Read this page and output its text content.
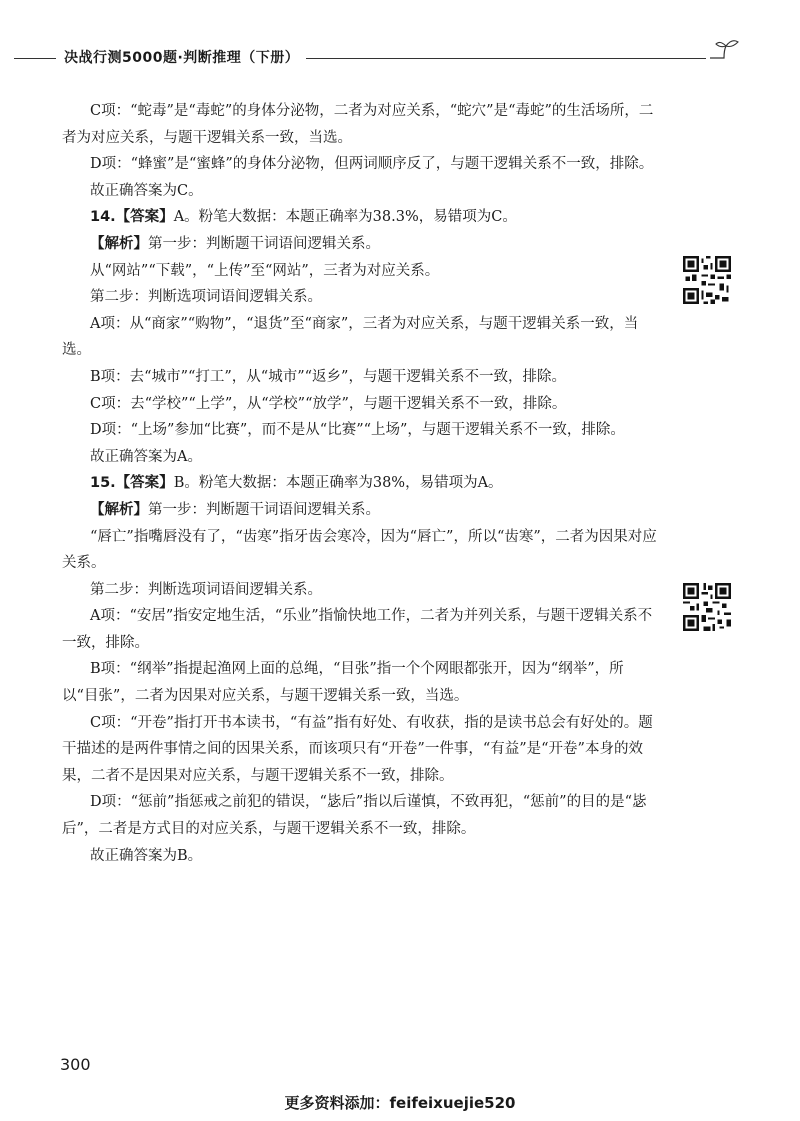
决战行测5000题·判断推理（下册）

C项：“蛇毒”是“毒蛇”的身体分泌物，二者为对应关系，“蛇穴”是“毒蛇”的生活场所，二者为对应关系，与题干逻辑关系一致，当选。

D项：“蜂蜜”是“蜜蜂”的身体分泌物，但两词顺序反了，与题干逻辑关系不一致，排除。

故正确答案为C。

14.【答案】A。粉笔大数据：本题正确率为38.3%，易错项为C。

【解析】第一步：判断题干词语间逻辑关系。

从“网站”“下载”，“上传”至“网站”，三者为对应关系。

第二步：判断选项词语间逻辑关系。

A项：从“商家”“购物”，“退货”至“商家”，三者为对应关系，与题干逻辑关系一致，当选。

B项：去“城市”“打工”，从“城市”“返乡”，与题干逻辑关系不一致，排除。

C项：去“学校”“上学”，从“学校”“放学”，与题干逻辑关系不一致，排除。

D项：“上场”参加“比赛”，而不是从“比赛”“上场”，与题干逻辑关系不一致，排除。

故正确答案为A。

15.【答案】B。粉笔大数据：本题正确率为38%，易错项为A。

【解析】第一步：判断题干词语间逻辑关系。

“唇亡”指嘴唇没有了，“齿寒”指牙齿会寒冷，因为“唇亡”，所以“齿寒”，二者为因果对应关系。

第二步：判断选项词语间逻辑关系。

A项：“安居”指安定地生活，“乐业”指愉快地工作，二者为并列关系，与题干逻辑关系不一致，排除。

B项：“纲举”指提起渔网上面的总绳，“目张”指一个个网眼都张开，因为“纲举”，所以“目张”，二者为因果对应关系，与题干逻辑关系一致，当选。

C项：“开卷”指打开书本读书，“有益”指有好处、有收获，指的是读书总会有好处的。题干描述的是两件事情之间的因果关系，而该项只有“开卷”一件事，“有益”是“开卷”本身的效果，二者不是因果对应关系，与题干逻辑关系不一致，排除。

D项：“惩前”指惩戒之前犯的错误，“毖后”指以后谨慎，不致再犯，“惩前”的目的是“毖后”，二者是方式目的对应关系，与题干逻辑关系不一致，排除。

故正确答案为B。

300
更多资料添加：feifeixuejie520
